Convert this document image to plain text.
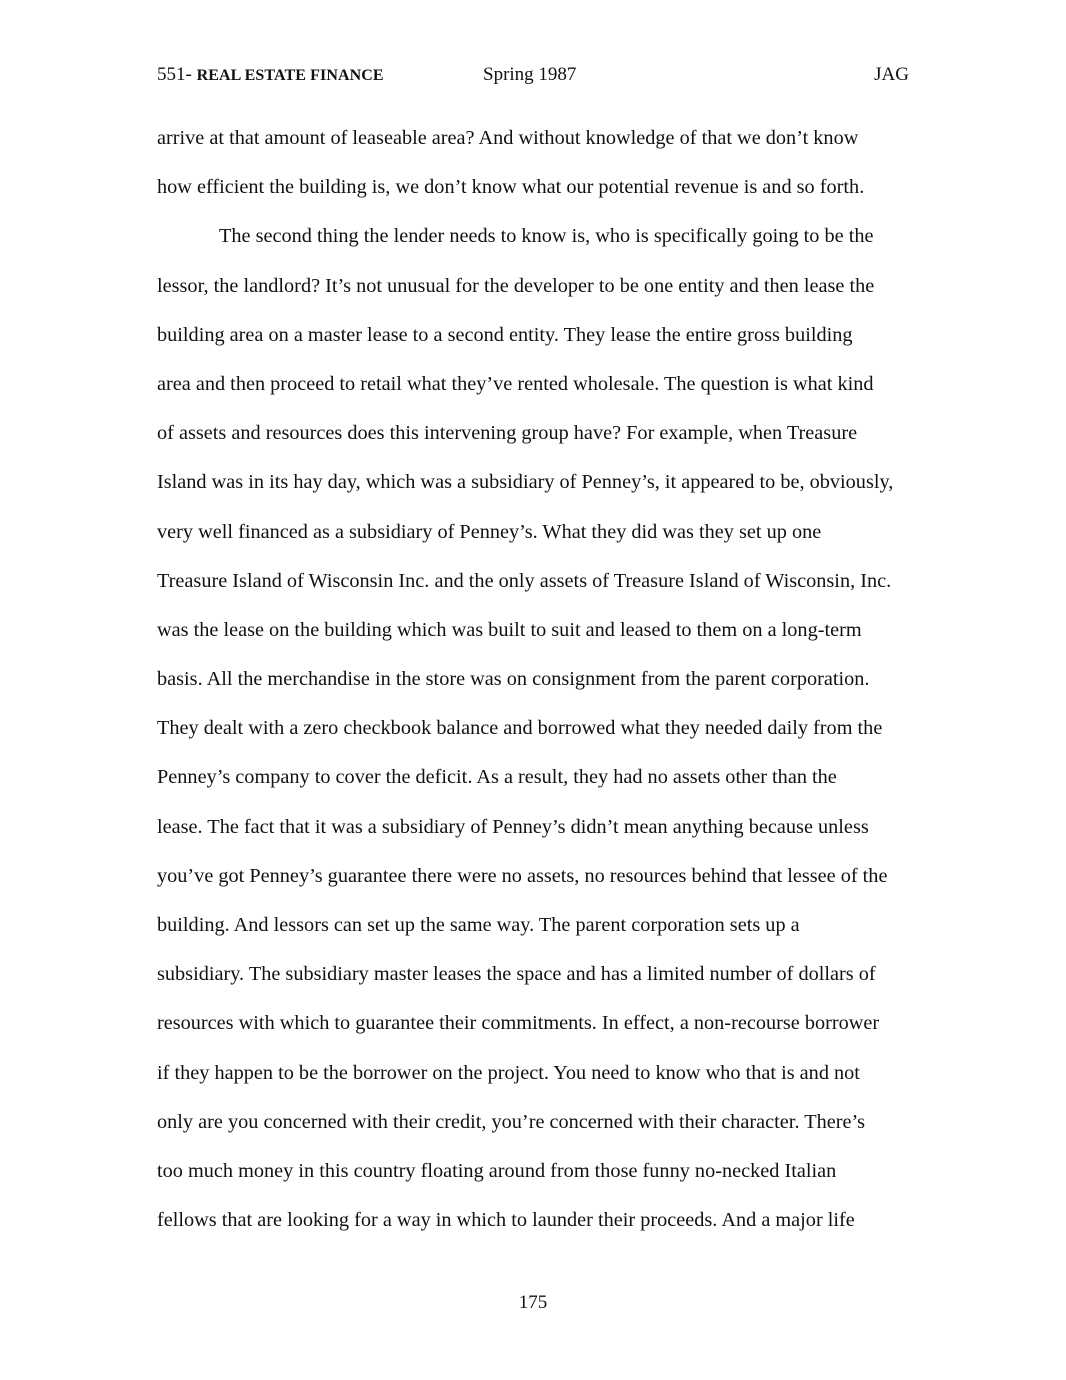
551- REAL ESTATE FINANCE	Spring 1987	JAG
arrive at that amount of leaseable area? And without knowledge of that we don’t know
how efficient the building is, we don’t know what our potential revenue is and so forth.
The second thing the lender needs to know is, who is specifically going to be the
lessor, the landlord? It’s not unusual for the developer to be one entity and then lease the
building area on a master lease to a second entity. They lease the entire gross building
area and then proceed to retail what they’ve rented wholesale. The question is what kind
of assets and resources does this intervening group have? For example, when Treasure
Island was in its hay day, which was a subsidiary of Penney’s, it appeared to be, obviously,
very well financed as a subsidiary of Penney’s. What they did was they set up one
Treasure Island of Wisconsin Inc. and the only assets of Treasure Island of Wisconsin, Inc.
was the lease on the building which was built to suit and leased to them on a long-term
basis. All the merchandise in the store was on consignment from the parent corporation.
They dealt with a zero checkbook balance and borrowed what they needed daily from the
Penney’s company to cover the deficit. As a result, they had no assets other than the
lease. The fact that it was a subsidiary of Penney’s didn’t mean anything because unless
you’ve got Penney’s guarantee there were no assets, no resources behind that lessee of the
building. And lessors can set up the same way. The parent corporation sets up a
subsidiary. The subsidiary master leases the space and has a limited number of dollars of
resources with which to guarantee their commitments. In effect, a non-recourse borrower
if they happen to be the borrower on the project. You need to know who that is and not
only are you concerned with their credit, you’re concerned with their character. There’s
too much money in this country floating around from those funny no-necked Italian
fellows that are looking for a way in which to launder their proceeds. And a major life
175
